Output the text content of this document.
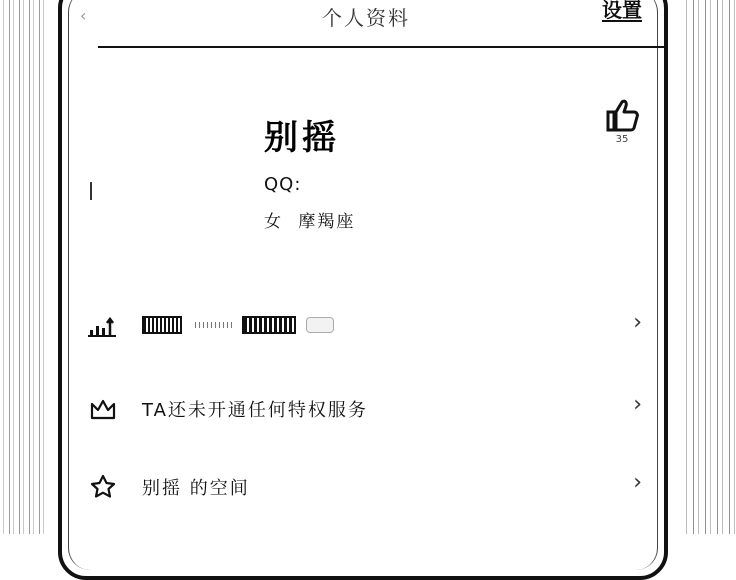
‹	个人资料	设置
别摇	35
QQ:
女 摩羯座
›
TA还未开通任何特权服务	›
别摇 的空间	›
